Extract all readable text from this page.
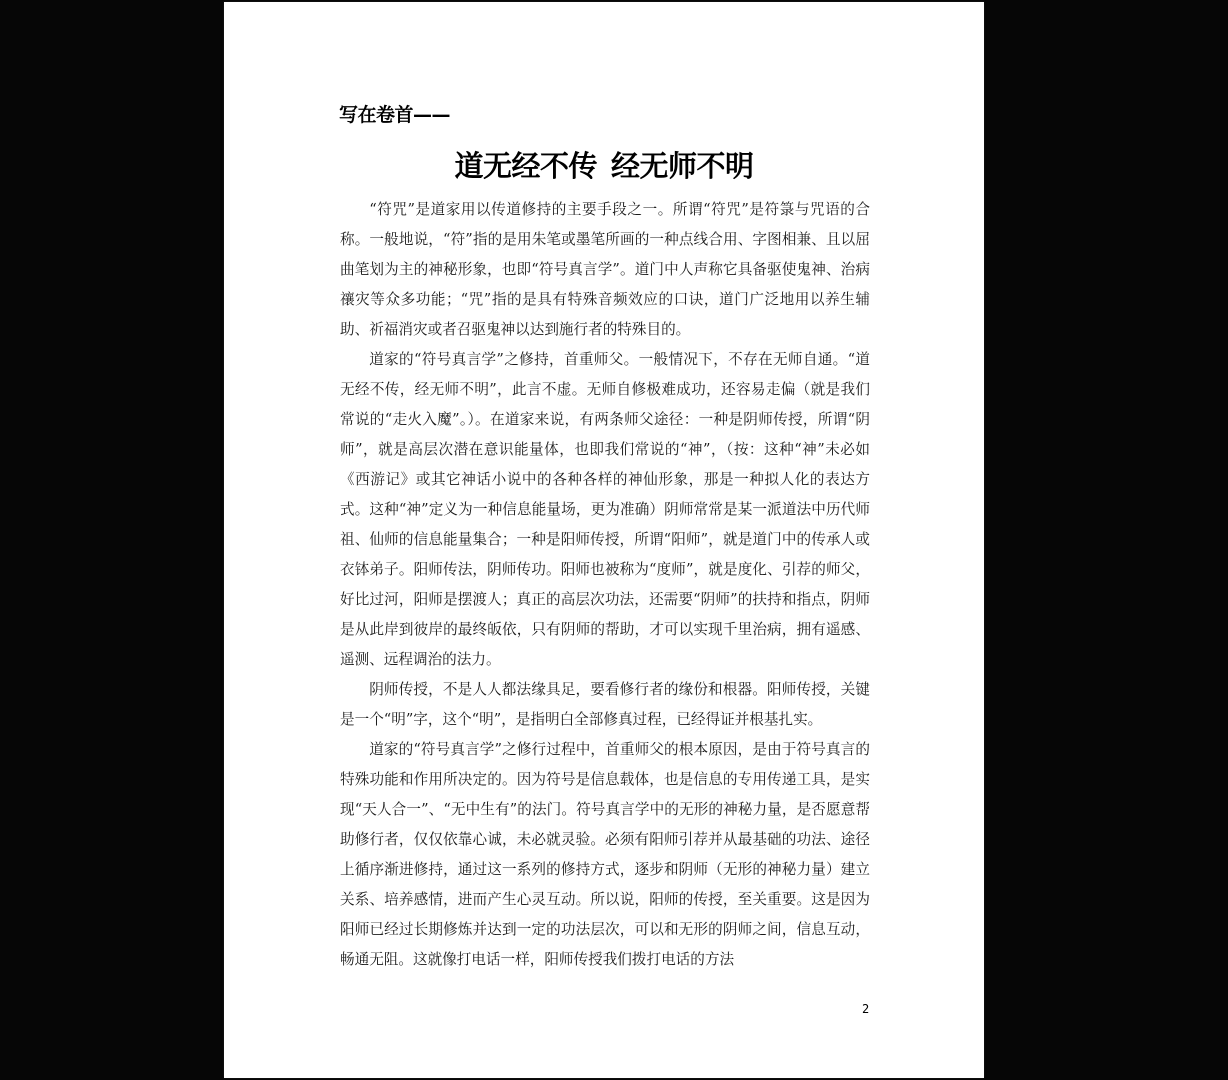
写在卷首——
道无经不传 经无师不明

“符咒”是道家用以传道修持的主要手段之一。所谓“符咒”是符箓与咒语的合称。一般地说，“符”指的是用朱笔或墨笔所画的一种点线合用、字图相兼、且以屈曲笔划为主的神秘形象，也即“符号真言学”。道门中人声称它具备驱使鬼神、治病禳灾等众多功能；“咒”指的是具有特殊音频效应的口诀，道门广泛地用以养生辅助、祈福消灾或者召驱鬼神以达到施行者的特殊目的。

道家的“符号真言学”之修持，首重师父。一般情况下，不存在无师自通。“道无经不传，经无师不明”，此言不虚。无师自修极难成功，还容易走偏（就是我们常说的“走火入魔”。）。在道家来说，有两条师父途径：一种是阴师传授，所谓“阴师”，就是高层次潜在意识能量体，也即我们常说的“神”，（按：这种“神”未必如《西游记》或其它神话小说中的各种各样的神仙形象，那是一种拟人化的表达方式。这种“神”定义为一种信息能量场，更为准确）阴师常常是某一派道法中历代师祖、仙师的信息能量集合；一种是阳师传授，所谓“阳师”，就是道门中的传承人或衣钵弟子。阳师传法，阴师传功。阳师也被称为“度师”，就是度化、引荐的师父，好比过河，阳师是摆渡人；真正的高层次功法，还需要“阴师”的扶持和指点，阴师是从此岸到彼岸的最终皈依，只有阴师的帮助，才可以实现千里治病，拥有遥感、遥测、远程调治的法力。

阴师传授，不是人人都法缘具足，要看修行者的缘份和根器。阳师传授，关键是一个“明”字，这个“明”，是指明白全部修真过程，已经得证并根基扎实。

道家的“符号真言学”之修行过程中，首重师父的根本原因，是由于符号真言的特殊功能和作用所决定的。因为符号是信息载体，也是信息的专用传递工具，是实现“天人合一”、“无中生有”的法门。符号真言学中的无形的神秘力量，是否愿意帮助修行者，仅仅依靠心诚，未必就灵验。必须有阳师引荐并从最基础的功法、途径上循序渐进修持，通过这一系列的修持方式，逐步和阴师（无形的神秘力量）建立关系、培养感情，进而产生心灵互动。所以说，阳师的传授，至关重要。这是因为阳师已经过长期修炼并达到一定的功法层次，可以和无形的阴师之间，信息互动，畅通无阻。这就像打电话一样，阳师传授我们拨打电话的方法

2
